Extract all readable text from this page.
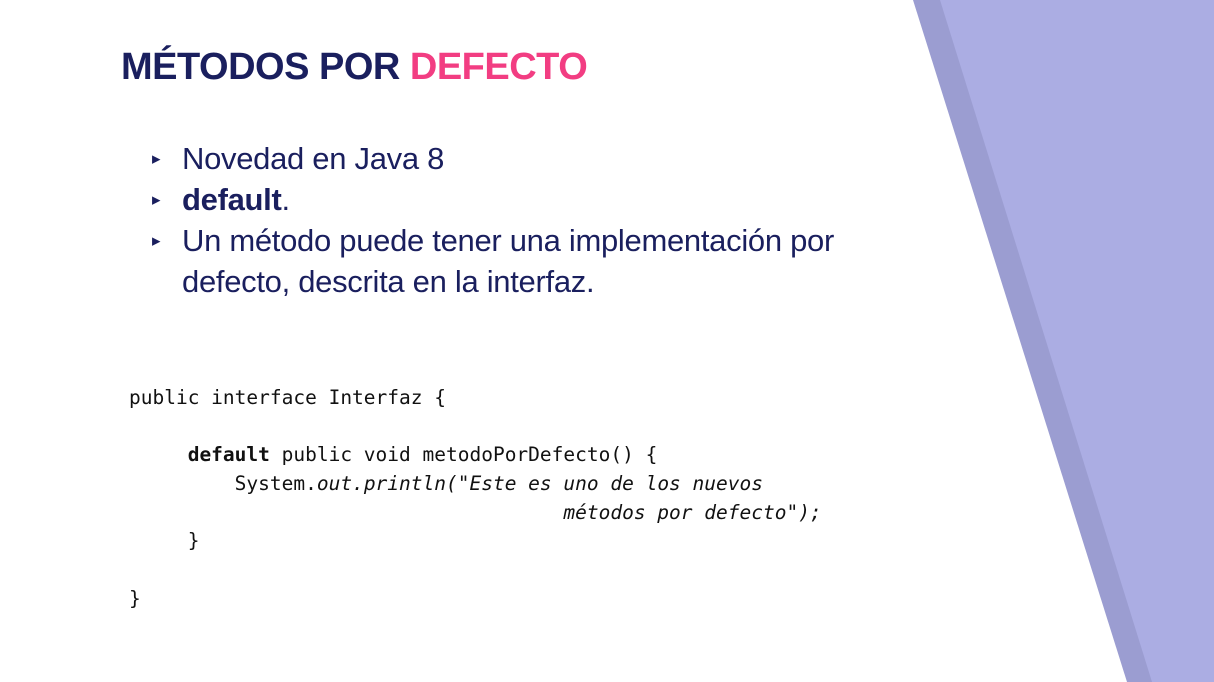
MÉTODOS POR DEFECTO
▸ Novedad en Java 8
▸ default.
▸ Un método puede tener una implementación por defecto, descrita en la interfaz.
public interface Interfaz {

default public void metodoPorDefecto() {
System.out.println("Este es uno de los nuevos
métodos por defecto");
}

}
